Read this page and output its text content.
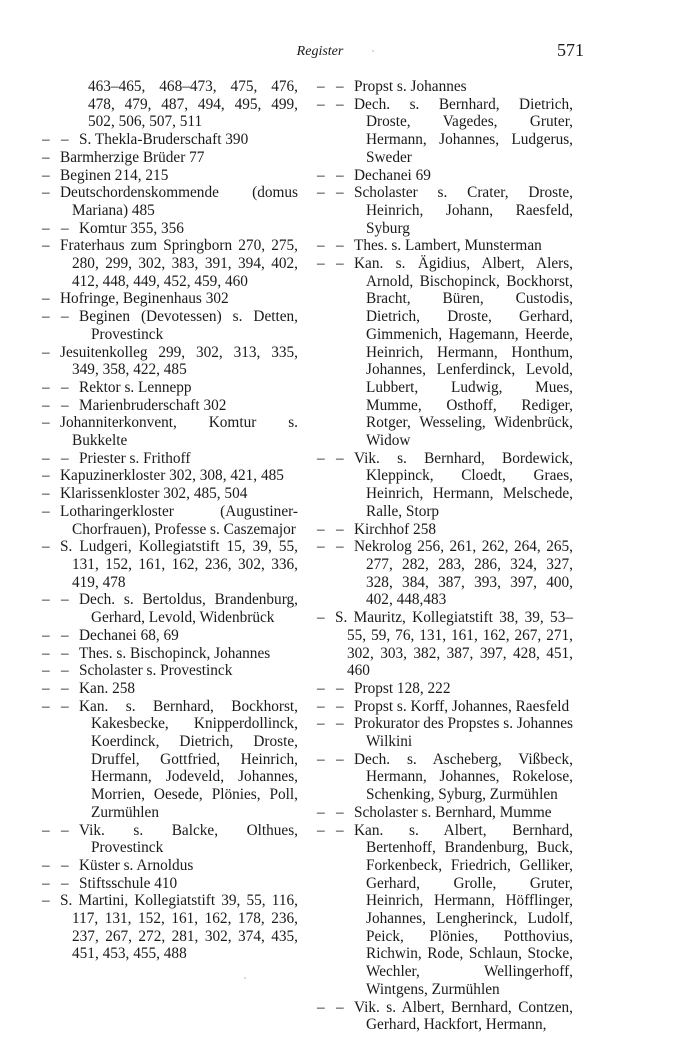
Register	571
463–465, 468–473, 475, 476, 478, 479, 487, 494, 495, 499, 502, 506, 507, 511
– – S. Thekla-Bruderschaft 390
– Barmherzige Brüder 77
– Beginen 214, 215
– Deutschordenskommende (domus Mariana) 485
– – Komtur 355, 356
– Fraterhaus zum Springborn 270, 275, 280, 299, 302, 383, 391, 394, 402, 412, 448, 449, 452, 459, 460
– Hofringe, Beginenhaus 302
– – Beginen (Devotessen) s. Detten, Provestinck
– Jesuitenkolleg 299, 302, 313, 335, 349, 358, 422, 485
– – Rektor s. Lennepp
– – Marienbruderschaft 302
– Johanniterkonvent, Komtur s. Bukkelte
– – Priester s. Frithoff
– Kapuzinerkloster 302, 308, 421, 485
– Klarissenkloster 302, 485, 504
– Lotharingerkloster (Augustiner-Chorfrauen), Professe s. Caszemajor
– S. Ludgeri, Kollegiatstift 15, 39, 55, 131, 152, 161, 162, 236, 302, 336, 419, 478
– – Dech. s. Bertoldus, Brandenburg, Gerhard, Levold, Widenbrück
– – Dechanei 68, 69
– – Thes. s. Bischopinck, Johannes
– – Scholaster s. Provestinck
– – Kan. 258
– – Kan. s. Bernhard, Bockhorst, Kakesbecke, Knipperdollinck, Koerdinck, Dietrich, Droste, Druffel, Gottfried, Heinrich, Hermann, Jodeveld, Johannes, Morrien, Oesede, Plönies, Poll, Zurmühlen
– – Vik. s. Balcke, Olthues, Provestinck
– – Küster s. Arnoldus
– – Stiftsschule 410
– S. Martini, Kollegiatstift 39, 55, 116, 117, 131, 152, 161, 162, 178, 236, 237, 267, 272, 281, 302, 374, 435, 451, 453, 455, 488
– – Propst s. Johannes
– – Dech. s. Bernhard, Dietrich, Droste, Vagedes, Gruter, Hermann, Johannes, Ludgerus, Sweder
– – Dechanei 69
– – Scholaster s. Crater, Droste, Heinrich, Johann, Raesfeld, Syburg
– – Thes. s. Lambert, Munsterman
– – Kan. s. Ägidius, Albert, Alers, Arnold, Bischopinck, Bockhorst, Bracht, Büren, Custodis, Dietrich, Droste, Gerhard, Gimmenich, Hagemann, Heerde, Heinrich, Hermann, Honthum, Johannes, Lenferdinck, Levold, Lubbert, Ludwig, Mues, Mumme, Osthoff, Rediger, Rotger, Wesseling, Widenbrück, Widow
– – Vik. s. Bernhard, Bordewick, Kleppinck, Cloedt, Graes, Heinrich, Hermann, Melschede, Ralle, Storp
– – Kirchhof 258
– – Nekrolog 256, 261, 262, 264, 265, 277, 282, 283, 286, 324, 327, 328, 384, 387, 393, 397, 400, 402, 448,483
– S. Mauritz, Kollegiatstift 38, 39, 53–55, 59, 76, 131, 161, 162, 267, 271, 302, 303, 382, 387, 397, 428, 451, 460
– – Propst 128, 222
– – Propst s. Korff, Johannes, Raesfeld
– – Prokurator des Propstes s. Johannes Wilkini
– – Dech. s. Ascheberg, Vißbeck, Hermann, Johannes, Rokelose, Schenking, Syburg, Zurmühlen
– – Scholaster s. Bernhard, Mumme
– – Kan. s. Albert, Bernhard, Bertenhoff, Brandenburg, Buck, Forkenbeck, Friedrich, Gelliker, Gerhard, Grolle, Gruter, Heinrich, Hermann, Höfflinger, Johannes, Lengherinck, Ludolf, Peick, Plönies, Potthovius, Richwin, Rode, Schlaun, Stocke, Wechler, Wellingerhoff, Wintgens, Zurmühlen
– – Vik. s. Albert, Bernhard, Contzen, Gerhard, Hackfort, Hermann,
